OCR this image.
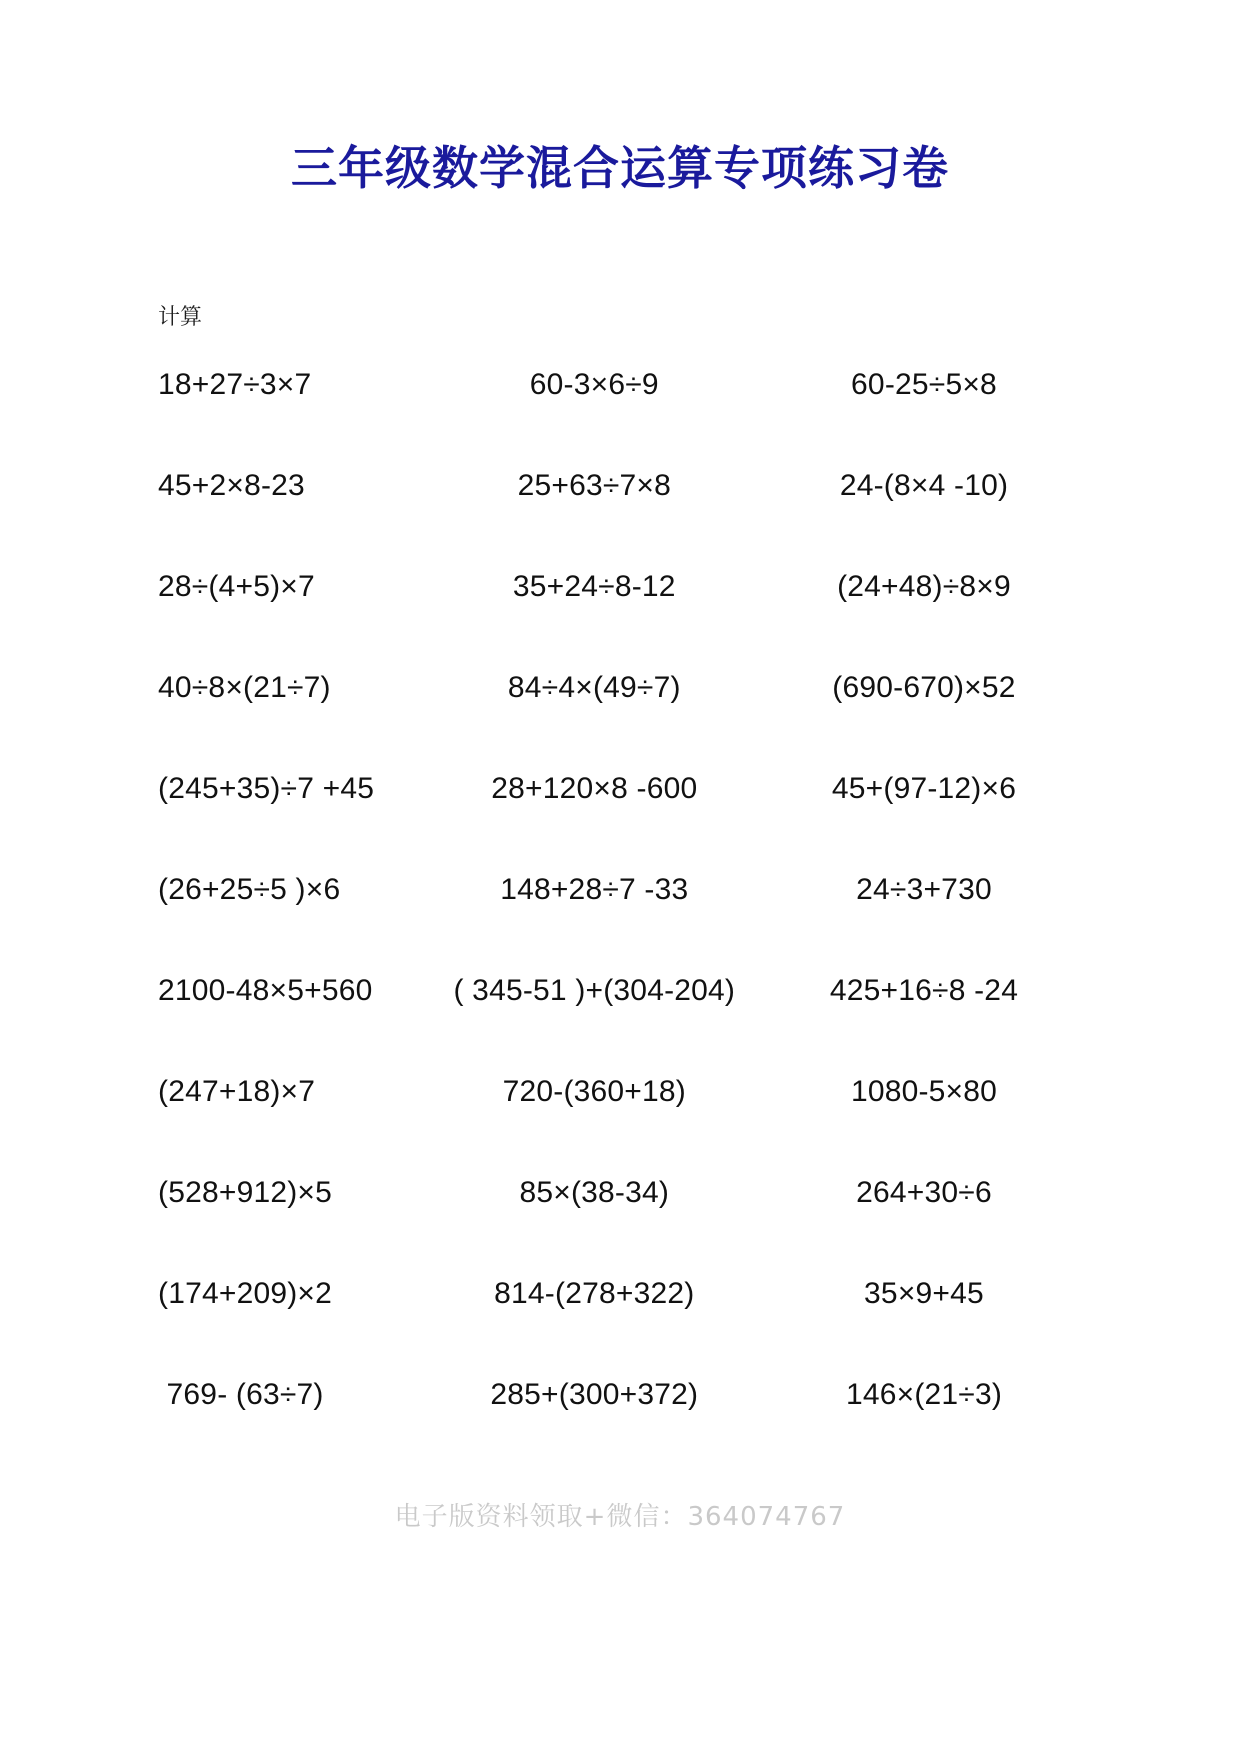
三年级数学混合运算专项练习卷
计算
18+27÷3×7	60-3×6÷9	60-25÷5×8
45+2×8-23	25+63÷7×8	24-(8×4 -10)
28÷(4+5)×7	35+24÷8-12	(24+48)÷8×9
40÷8×(21÷7)	84÷4×(49÷7)	(690-670)×52
(245+35)÷7 +45	28+120×8 -600	45+(97-12)×6
(26+25÷5 )×6	148+28÷7 -33	24÷3+730
2100-48×5+560	( 345-51 )+(304-204)	425+16÷8 -24
(247+18)×7	720-(360+18)	1080-5×80
(528+912)×5	85×(38-34)	264+30÷6
(174+209)×2	814-(278+322)	35×9+45
769- (63÷7)	285+(300+372)	146×(21÷3)
电子版资料领取+微信：364074767
